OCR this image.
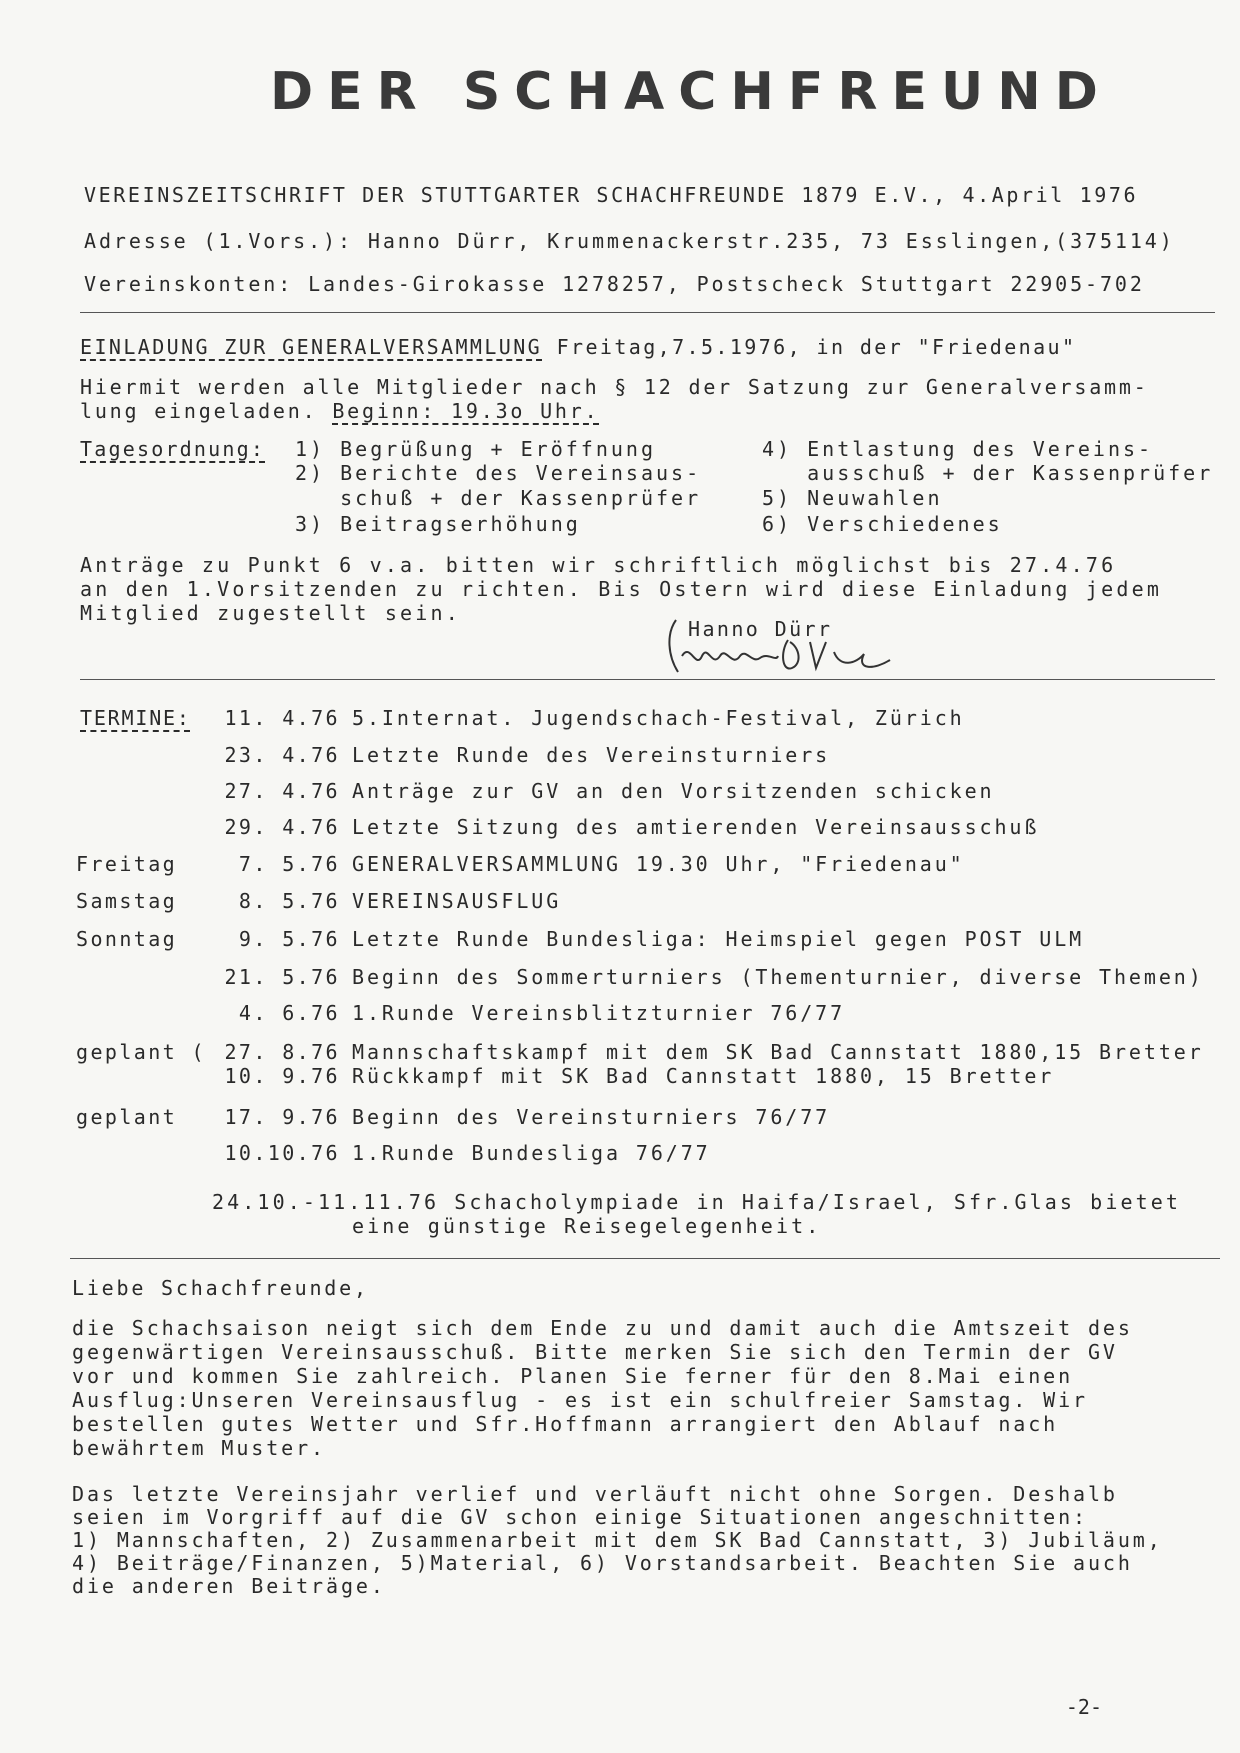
DER SCHACHFREUND
VEREINSZEITSCHRIFT DER STUTTGARTER SCHACHFREUNDE 1879 E.V., 4.April 1976
Adresse (1.Vors.): Hanno Dürr, Krummenackerstr.235, 73 Esslingen,(375114)
Vereinskonten: Landes-Girokasse 1278257, Postscheck Stuttgart 22905-702
EINLADUNG ZUR GENERALVERSAMMLUNG Freitag,7.5.1976, in der "Friedenau"
Hiermit werden alle Mitglieder nach § 12 der Satzung zur Generalversamm-
lung eingeladen. Beginn: 19.3o Uhr.
Tagesordnung: 1) Begrüßung + Eröffnung
2) Berichte des Vereinsaus-
schuß + der Kassenprüfer
3) Beitragserhöhung
4) Entlastung des Vereins-
ausschuß + der Kassenprüfer
5) Neuwahlen
6) Verschiedenes
Anträge zu Punkt 6 v.a. bitten wir schriftlich möglichst bis 27.4.76
an den 1.Vorsitzenden zu richten. Bis Ostern wird diese Einladung jedem
Mitglied zugestellt sein.
Hanno Dürr
TERMINE:	11. 4.76 5.Internat. Jugendschach-Festival, Zürich
23. 4.76 Letzte Runde des Vereinsturniers
27. 4.76 Anträge zur GV an den Vorsitzenden schicken
29. 4.76 Letzte Sitzung des amtierenden Vereinsausschuß
Freitag	7. 5.76 GENERALVERSAMMLUNG 19.30 Uhr, "Friedenau"
Samstag	8. 5.76 VEREINSAUSFLUG
Sonntag	9. 5.76 Letzte Runde Bundesliga: Heimspiel gegen POST ULM
21. 5.76 Beginn des Sommerturniers (Thementurnier, diverse Themen)
4. 6.76 1.Runde Vereinsblitzturnier 76/77
geplant ( 27. 8.76 Mannschaftskampf mit dem SK Bad Cannstatt 1880,15 Bretter
10. 9.76 Rückkampf mit SK Bad Cannstatt 1880, 15 Bretter
geplant	17. 9.76 Beginn des Vereinsturniers 76/77
10.10.76 1.Runde Bundesliga 76/77
24.10.-11.11.76 Schacholympiade in Haifa/Israel, Sfr.Glas bietet
eine günstige Reisegelegenheit.
Liebe Schachfreunde,
die Schachsaison neigt sich dem Ende zu und damit auch die Amtszeit des
gegenwärtigen Vereinsausschuß. Bitte merken Sie sich den Termin der GV
vor und kommen Sie zahlreich. Planen Sie ferner für den 8.Mai einen
Ausflug:Unseren Vereinsausflug - es ist ein schulfreier Samstag. Wir
bestellen gutes Wetter und Sfr.Hoffmann arrangiert den Ablauf nach
bewährtem Muster.
Das letzte Vereinsjahr verlief und verläuft nicht ohne Sorgen. Deshalb
seien im Vorgriff auf die GV schon einige Situationen angeschnitten:
1) Mannschaften, 2) Zusammenarbeit mit dem SK Bad Cannstatt, 3) Jubiläum,
4) Beiträge/Finanzen, 5)Material, 6) Vorstandsarbeit. Beachten Sie auch
die anderen Beiträge.
-2-
